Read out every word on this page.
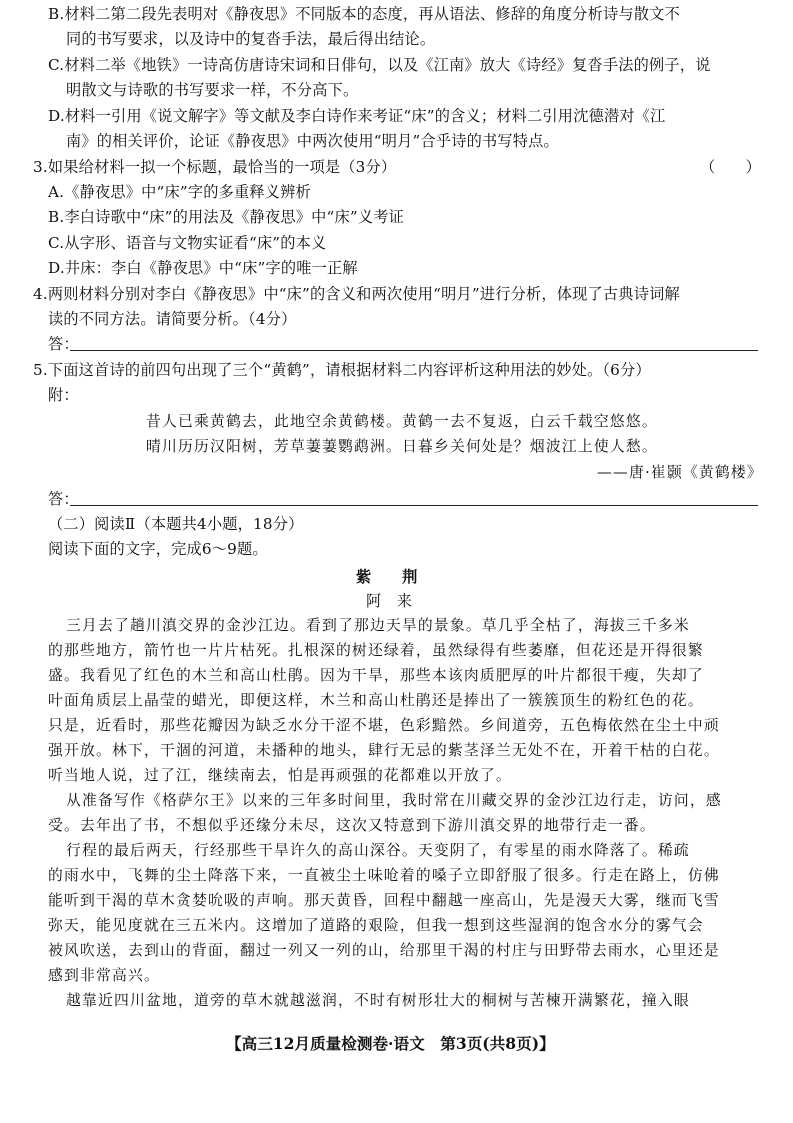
B.材料二第二段先表明对《静夜思》不同版本的态度，再从语法、修辞的角度分析诗与散文不
同的书写要求，以及诗中的复沓手法，最后得出结论。
C.材料二举《地铁》一诗高仿唐诗宋词和日俳句，以及《江南》放大《诗经》复沓手法的例子，说
明散文与诗歌的书写要求一样，不分高下。
D.材料一引用《说文解字》等文献及李白诗作来考证“床”的含义；材料二引用沈德潜对《江
南》的相关评价，论证《静夜思》中两次使用“明月”合乎诗的书写特点。
3.如果给材料一拟一个标题，最恰当的一项是（3分）	（　　）
A.《静夜思》中“床”字的多重释义辨析
B.李白诗歌中“床”的用法及《静夜思》中“床”义考证
C.从字形、语音与文物实证看“床”的本义
D.井床：李白《静夜思》中“床”字的唯一正解
4.两则材料分别对李白《静夜思》中“床”的含义和两次使用“明月”进行分析，体现了古典诗词解
读的不同方法。请简要分析。（4分）
答：
5.下面这首诗的前四句出现了三个“黄鹤”，请根据材料二内容评析这种用法的妙处。（6分）
附：
昔人已乘黄鹤去，此地空余黄鹤楼。黄鹤一去不复返，白云千载空悠悠。
晴川历历汉阳树，芳草萋萋鹦鹉洲。日暮乡关何处是？烟波江上使人愁。
——唐·崔颢《黄鹤楼》
答：
（二）阅读Ⅱ（本题共4小题，18分）
阅读下面的文字，完成6～9题。
紫　　荆
阿　来
三月去了趟川滇交界的金沙江边。看到了那边天旱的景象。草几乎全枯了，海拔三千多米
的那些地方，箭竹也一片片枯死。扎根深的树还绿着，虽然绿得有些萎靡，但花还是开得很繁
盛。我看见了红色的木兰和高山杜鹃。因为干旱，那些本该肉质肥厚的叶片都很干瘦，失却了
叶面角质层上晶莹的蜡光，即便这样，木兰和高山杜鹃还是捧出了一簇簇顶生的粉红色的花。
只是，近看时，那些花瓣因为缺乏水分干涩不堪，色彩黯然。乡间道旁，五色梅依然在尘土中顽
强开放。林下，干涸的河道，未播种的地头，肆行无忌的紫茎泽兰无处不在，开着干枯的白花。
听当地人说，过了江，继续南去，怕是再顽强的花都难以开放了。
从准备写作《格萨尔王》以来的三年多时间里，我时常在川藏交界的金沙江边行走，访问，感
受。去年出了书，不想似乎还缘分未尽，这次又特意到下游川滇交界的地带行走一番。
行程的最后两天，行经那些干旱许久的高山深谷。天变阴了，有零星的雨水降落了。稀疏
的雨水中，飞舞的尘土降落下来，一直被尘土味呛着的嗓子立即舒服了很多。行走在路上，仿佛
能听到干渴的草木贪婪吮吸的声响。那天黄昏，回程中翻越一座高山，先是漫天大雾，继而飞雪
弥天，能见度就在三五米内。这增加了道路的艰险，但我一想到这些湿润的饱含水分的雾气会
被风吹送，去到山的背面，翻过一列又一列的山，给那里干渴的村庄与田野带去雨水，心里还是
感到非常高兴。
越靠近四川盆地，道旁的草木就越滋润，不时有树形壮大的桐树与苦楝开满繁花，撞入眼
【高三12月质量检测卷·语文　第3页(共8页)】
